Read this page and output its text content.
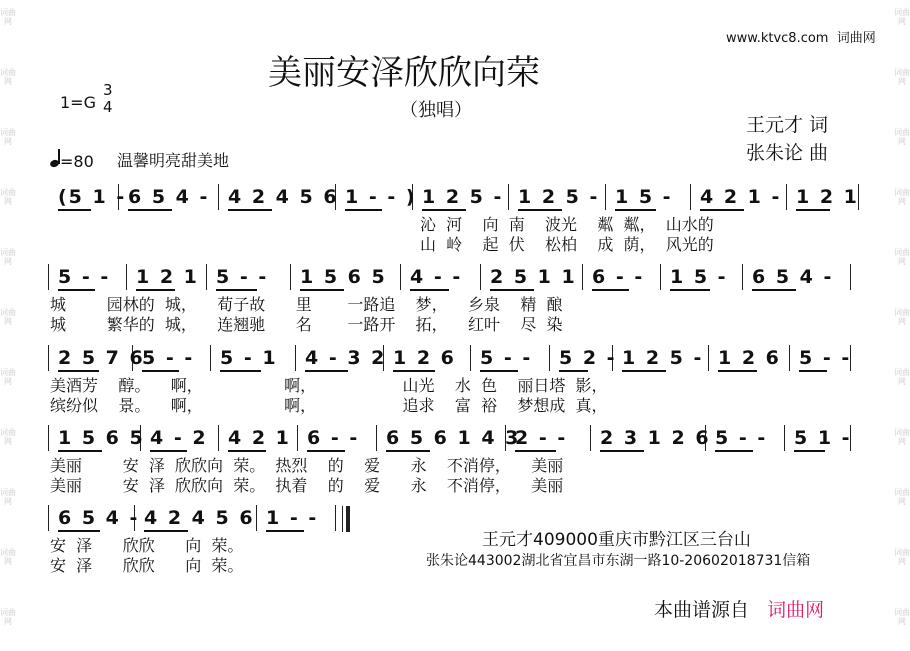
词曲网
词曲网
词曲网
词曲网
词曲网
词曲网
词曲网
词曲网
词曲网
词曲网
词曲网
词曲网
词曲网
词曲网
词曲网
词曲网
词曲网
词曲网
词曲网
词曲网
词曲网
词曲网
www.ktvc8.com 词曲网
美丽安泽欣欣向荣
（独唱）
1=G
3
4
=80 温馨明亮甜美地
王元才 词
张朱论 曲
(5 1 - 6 5 4 - 4 2 4 5 6 1 - - ) 1 2 5 - 1 2 5 - 1 5 - 4 2 1 - 1 2 1
沁  河    向  南    波光    粼  粼，  山水的
山  岭    起  伏    松柏    成  荫，  风光的
5 - - 1 2 1 5 - - 1 5 6 5 4 - - 2 5 1 1 6 - - 1 5 - 6 5 4 -
城        园林的  城，    荀子故      里       一路追    梦，    乡泉    精  酿
城        繁华的  城，    连翘驰      名       一路开    拓，    红叶    尽  染
2 5 7 6
5 - - 5 - 1 4 - 3 2 1 2 6 5 - - 5 2 - 1 2 5 - 1 2 6 5 - -
美酒芳    醇。    啊，                啊，                 山光    水  色    丽日塔  影，
缤纷似    景。    啊，                啊，                 追求    富  裕    梦想成  真，
1 5 6 5 4 - 2 4 2 1 6 - - 6 5 6 1 4 3
2 - - 2 3 1 2 6 5 - - 5 1 -
美丽        安  泽  欣欣向  荣。  热烈    的    爱      永    不消停，    美丽
美丽        安  泽  欣欣向  荣。  执着    的    爱      永    不消停，    美丽
6 5 4 - 4 2 4 5 6 1 - -
安  泽      欣欣      向  荣。
安  泽      欣欣      向  荣。
王元才409000重庆市黔江区三台山
张朱论443002湖北省宜昌市东湖一路10-20602018731信箱
本曲谱源自 词曲网
